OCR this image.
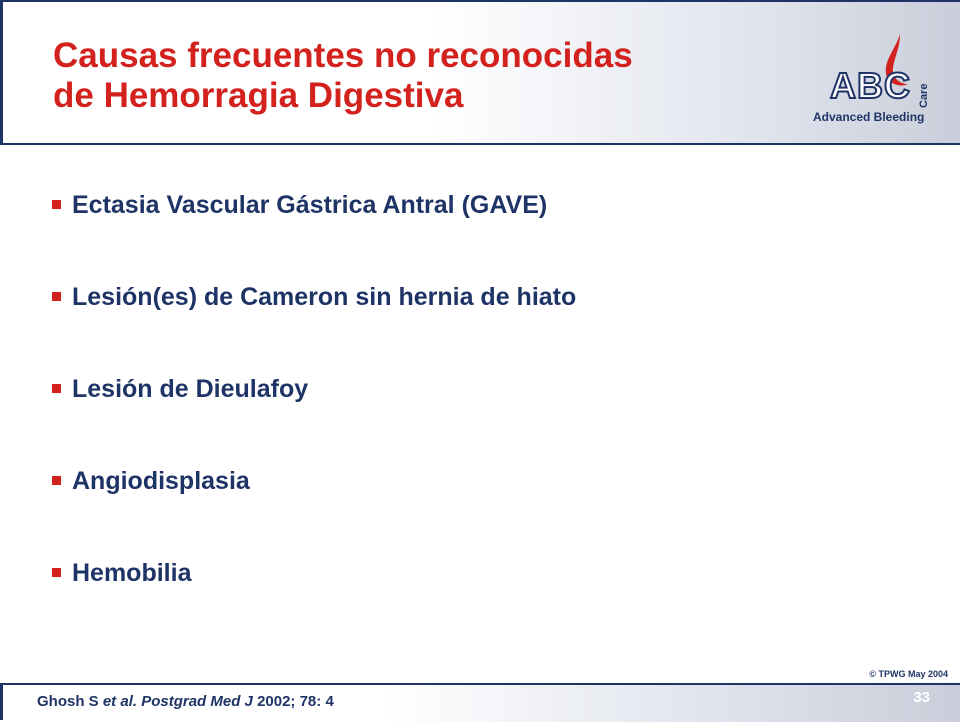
Causas frecuentes no reconocidas
de Hemorragia Digestiva	ABC Care
Advanced Bleeding
Ectasia Vascular Gástrica Antral (GAVE)
Lesión(es) de Cameron sin hernia de hiato
Lesión de Dieulafoy
Angiodisplasia
Hemobilia
© TPWG May 2004
Ghosh S et al. Postgrad Med J 2002; 78: 4	33
